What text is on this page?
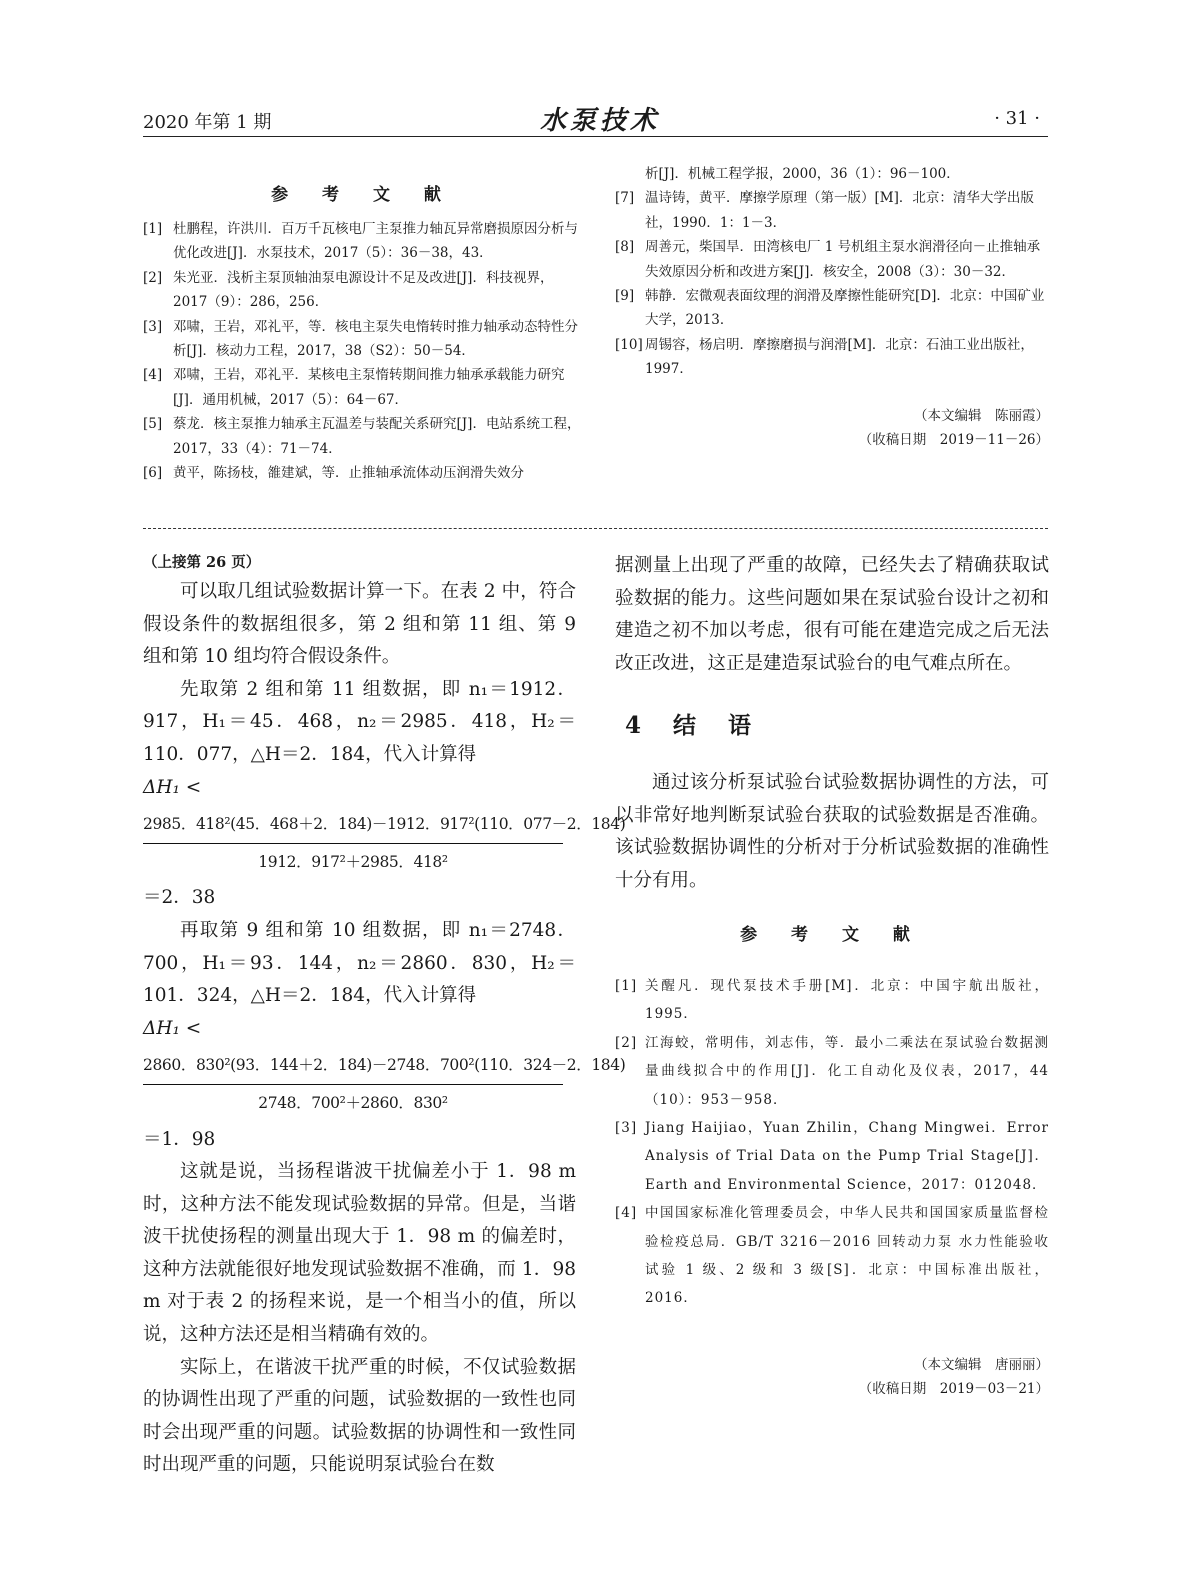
2020 年第 1 期	水泵技术	· 31 ·
参 考 文 献
[1] 杜鹏程，许洪川．百万千瓦核电厂主泵推力轴瓦异常磨损原因分析与优化改进[J]．水泵技术，2017（5）：36－38，43．
[2] 朱光亚．浅析主泵顶轴油泵电源设计不足及改进[J]．科技视界，2017（9）：286，256．
[3] 邓啸，王岩，邓礼平，等．核电主泵失电惰转时推力轴承动态特性分析[J]．核动力工程，2017，38（S2）：50－54．
[4] 邓啸，王岩，邓礼平．某核电主泵惰转期间推力轴承承载能力研究[J]．通用机械，2017（5）：64－67．
[5] 蔡龙．核主泵推力轴承主瓦温差与装配关系研究[J]．电站系统工程，2017，33（4）：71－74．
[6] 黄平，陈扬枝，雒建斌，等．止推轴承流体动压润滑失效分
析[J]．机械工程学报，2000，36（1）：96－100．
[7] 温诗铸，黄平．摩擦学原理（第一版）[M]．北京：清华大学出版社，1990．1：1－3．
[8] 周善元，柴国旱．田湾核电厂 1 号机组主泵水润滑径向－止推轴承失效原因分析和改进方案[J]．核安全，2008（3）：30－32．
[9] 韩静．宏微观表面纹理的润滑及摩擦性能研究[D]．北京：中国矿业大学，2013．
[10] 周锡容，杨启明．摩擦磨损与润滑[M]．北京：石油工业出版社，1997．
（本文编辑　陈丽霞）
（收稿日期　2019－11－26）
（上接第 26 页）

可以取几组试验数据计算一下。在表 2 中，符合假设条件的数据组很多，第 2 组和第 11 组、第 9 组和第 10 组均符合假设条件。

先取第 2 组和第 11 组数据，即 n₁＝1912．917，H₁＝45．468，n₂＝2985．418，H₂＝110．077，△H＝2．184，代入计算得

ΔH₁ <

2985．418²(45．468＋2．184)－1912．917²(110．077－2．184)
1912．917²＋2985．418²

＝2．38

再取第 9 组和第 10 组数据，即 n₁＝2748．700，H₁＝93．144，n₂＝2860．830，H₂＝101．324，△H＝2．184，代入计算得

ΔH₁ <

2860．830²(93．144＋2．184)－2748．700²(110．324－2．184)
2748．700²＋2860．830²

＝1．98

这就是说，当扬程谐波干扰偏差小于 1．98 m 时，这种方法不能发现试验数据的异常。但是，当谐波干扰使扬程的测量出现大于 1．98 m 的偏差时，这种方法就能很好地发现试验数据不准确，而 1．98 m 对于表 2 的扬程来说，是一个相当小的值，所以说，这种方法还是相当精确有效的。

实际上，在谐波干扰严重的时候，不仅试验数据的协调性出现了严重的问题，试验数据的一致性也同时会出现严重的问题。试验数据的协调性和一致性同时出现严重的问题，只能说明泵试验台在数

据测量上出现了严重的故障，已经失去了精确获取试验数据的能力。这些问题如果在泵试验台设计之初和建造之初不加以考虑，很有可能在建造完成之后无法改正改进，这正是建造泵试验台的电气难点所在。

4 结 语

通过该分析泵试验台试验数据协调性的方法，可以非常好地判断泵试验台获取的试验数据是否准确。该试验数据协调性的分析对于分析试验数据的准确性十分有用。

参 考 文 献
[1] 关醒凡．现代泵技术手册[M]．北京：中国宇航出版社，1995．
[2] 江海蛟，常明伟，刘志伟，等．最小二乘法在泵试验台数据测量曲线拟合中的作用[J]．化工自动化及仪表，2017，44（10）：953－958．
[3] Jiang Haijiao，Yuan Zhilin，Chang Mingwei．Error Analysis of Trial Data on the Pump Trial Stage[J]．Earth and Environmental Science，2017：012048．
[4] 中国国家标准化管理委员会，中华人民共和国国家质量监督检验检疫总局．GB/T 3216－2016 回转动力泵 水力性能验收试验 1 级、2 级和 3 级[S]．北京：中国标准出版社，2016．
（本文编辑　唐丽丽）
（收稿日期　2019－03－21）
